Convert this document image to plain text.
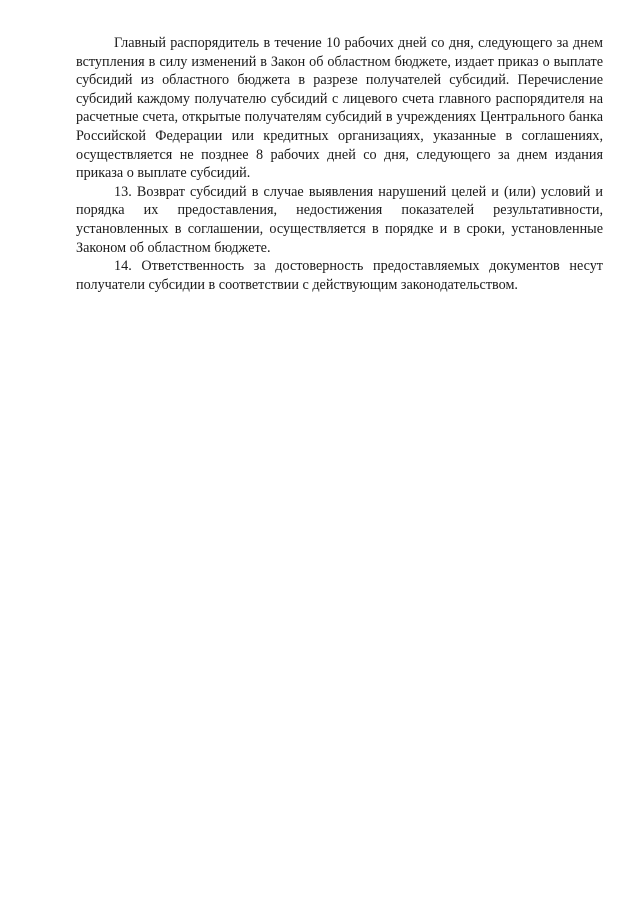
Главный распорядитель в течение 10 рабочих дней со дня, следующего за днем вступления в силу изменений в Закон об областном бюджете, издает приказ о выплате субсидий из областного бюджета в разрезе получателей субсидий. Перечисление субсидий каждому получателю субсидий с лицевого счета главного распорядителя на расчетные счета, открытые получателям субсидий в учреждениях Центрального банка Российской Федерации или кредитных организациях, указанные в соглашениях, осуществляется не позднее 8 рабочих дней со дня, следующего за днем издания приказа о выплате субсидий.

13. Возврат субсидий в случае выявления нарушений целей и (или) условий и порядка их предоставления, недостижения показателей результативности, установленных в соглашении, осуществляется в порядке и в сроки, установленные Законом об областном бюджете.

14. Ответственность за достоверность предоставляемых документов несут получатели субсидии в соответствии с действующим законодательством.
